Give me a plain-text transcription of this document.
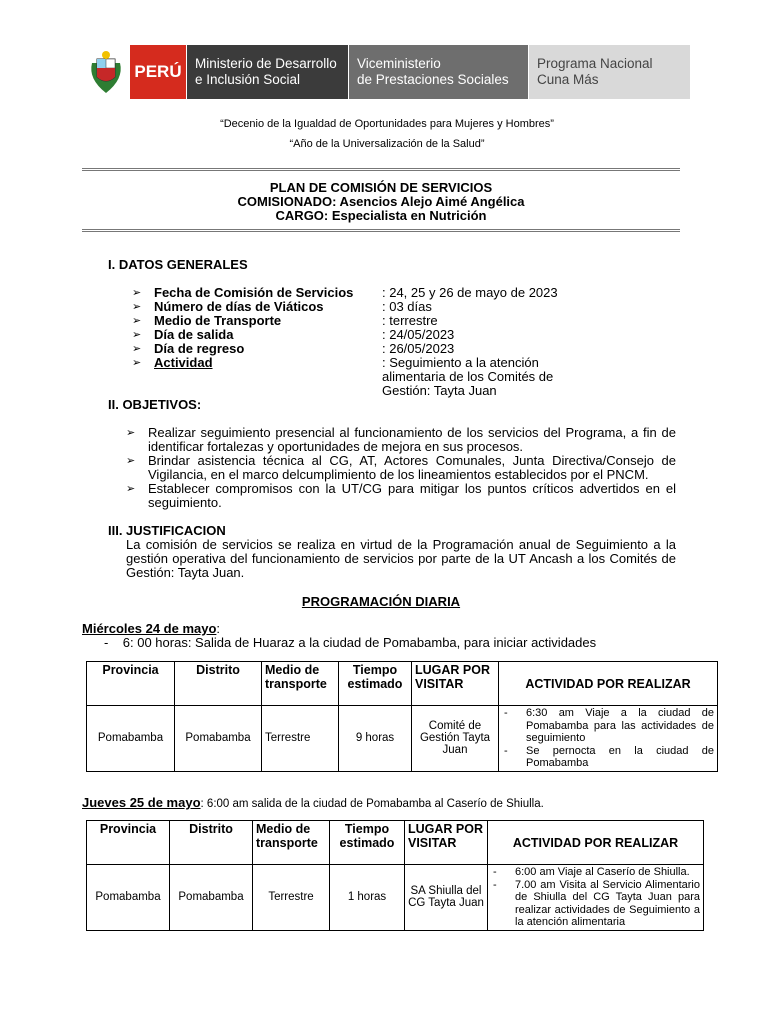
PERÚ Ministerio de Desarrollo
e Inclusión Social
Viceministerio
de Prestaciones Sociales
Programa Nacional
Cuna Más
“Decenio de la Igualdad de Oportunidades para Mujeres y Hombres”
“Año de la Universalización de la Salud”
PLAN DE COMISIÓN DE SERVICIOS
COMISIONADO: Asencios Alejo Aimé Angélica
CARGO: Especialista en Nutrición
I. DATOS GENERALES
➢ Fecha de Comisión de Servicios : 24, 25 y 26 de mayo de 2023
➢ Número de días de Viáticos	: 03 días
➢ Medio de Transporte	: terrestre
➢ Día de salida	: 24/05/2023
➢ Día de regreso	: 26/05/2023
➢ Actividad	: Seguimiento a la atención alimentaria de los Comités de Gestión: Tayta Juan
II. OBJETIVOS:
➢ Realizar seguimiento presencial al funcionamiento de los servicios del Programa, a fin de identificar fortalezas y oportunidades de mejora en sus procesos.
➢ Brindar asistencia técnica al CG, AT, Actores Comunales, Junta Directiva/Consejo de Vigilancia, en el marco delcumplimiento de los lineamientos establecidos por el PNCM.
➢ Establecer compromisos con la UT/CG para mitigar los puntos críticos advertidos en el seguimiento.
III. JUSTIFICACION
La comisión de servicios se realiza en virtud de la Programación anual de Seguimiento a la gestión operativa del funcionamiento de servicios por parte de la UT Ancash a los Comités de Gestión: Tayta Juan.
PROGRAMACIÓN DIARIA
Miércoles 24 de mayo:
-    6: 00 horas: Salida de Huaraz a la ciudad de Pomabamba, para iniciar actividades
Provincia	Distrito	Medio de transporte	Tiempo estimado	LUGAR POR VISITAR	ACTIVIDAD POR REALIZAR
Pomabamba	Pomabamba	Terrestre	9 horas	Comité de Gestión Tayta Juan	- 6:30 am Viaje a la ciudad de Pomabamba para las actividades de seguimiento
- Se pernocta en la ciudad de Pomabamba
Jueves 25 de mayo: 6:00 am salida de la ciudad de Pomabamba al Caserío de Shiulla.
Provincia	Distrito	Medio de transporte	Tiempo estimado	LUGAR POR VISITAR	ACTIVIDAD POR REALIZAR
Pomabamba	Pomabamba	Terrestre	1 horas	SA Shiulla del CG Tayta Juan	- 6:00 am Viaje al Caserío de Shiulla.
- 7.00 am Visita al Servicio Alimentario de Shiulla del CG Tayta Juan para realizar actividades de Seguimiento a la atención alimentaria
